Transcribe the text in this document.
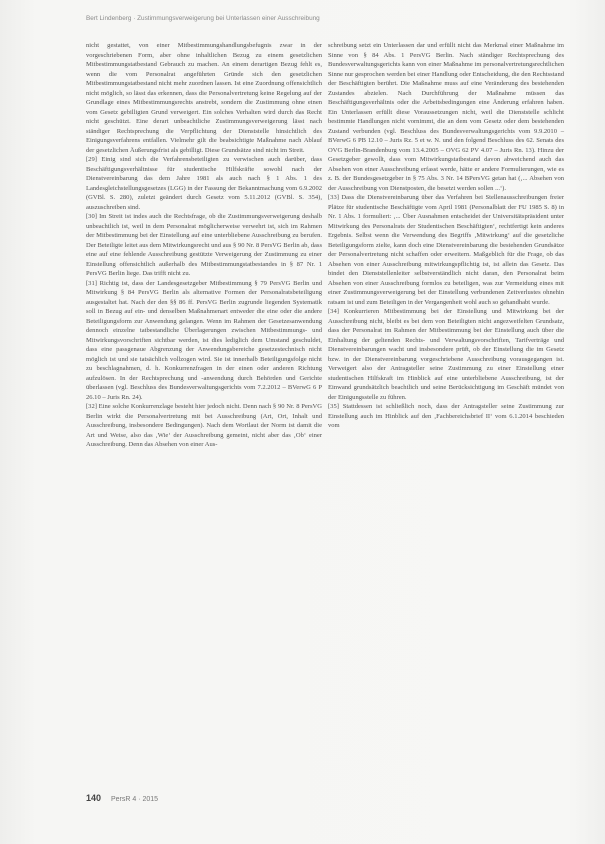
Bert Lindenberg · Zustimmungsverweigerung bei Unterlassen einer Ausschreibung

nicht gestattet, von einer Mitbestimmungshandlungsbefugnis zwar in der vorgeschriebenen Form, aber ohne inhaltlichen Bezug zu einem gesetzlichen Mitbestimmungstatbestand Gebrauch zu machen. An einem derartigen Bezug fehlt es, wenn die vom Personalrat angeführten Gründe sich den gesetzlichen Mitbestimmungstatbestand nicht mehr zuordnen lassen. Ist eine Zuordnung offensichtlich nicht möglich, so lässt das erkennen, dass die Personalvertretung keine Regelung auf der Grundlage eines Mitbestimmungsrechts anstrebt, sondern die Zustimmung ohne einen vom Gesetz gebilligten Grund verweigert. Ein solches Verhalten wird durch das Recht nicht geschützt. Eine derart unbeachtliche Zustimmungsverweigerung lässt nach ständiger Rechtsprechung die Verpflichtung der Dienststelle hinsichtlich des Einigungsverfahrens entfallen. Vielmehr gilt die beabsichtigte Maßnahme nach Ablauf der gesetzlichen Äußerungsfrist als gebilligt. Diese Grundsätze sind nicht im Streit.

[29] Einig sind sich die Verfahrensbeteiligten zu verwischen auch darüber, dass Beschäftigungsverhältnisse für studentische Hilfskräfte sowohl nach der Dienstvereinbarung das dem Jahre 1981 als auch nach § 1 Abs. 1 des Landesgleichstellungsgesetzes (LGG) in der Fassung der Bekanntmachung vom 6.9.2002 (GVBl. S. 280), zuletzt geändert durch Gesetz vom 5.11.2012 (GVBl. S. 354), auszuschreiben sind.

[30] Im Streit ist indes auch die Rechtsfrage, ob die Zustimmungsverweigerung deshalb unbeachtlich ist, weil in dem Personalrat möglicherweise verwehrt ist, sich im Rahmen der Mitbestimmung bei der Einstellung auf eine unterbliebene Ausschreibung zu berufen. Der Beteiligte leitet aus dem Mitwirkungsrecht und aus § 90 Nr. 8 PersVG Berlin ab, dass eine auf eine fehlende Ausschreibung gestützte Verweigerung der Zustimmung zu einer Einstellung offensichtlich außerhalb des Mitbestimmungstatbestandes in § 87 Nr. 1 PersVG Berlin liege. Das trifft nicht zu.

[31] Richtig ist, dass der Landesgesetzgeber Mitbestimmung § 79 PersVG Berlin und Mitwirkung § 84 PersVG Berlin als alternative Formen der Personalratsbeteiligung ausgestaltet hat. Nach der den §§ 86 ff. PersVG Berlin zugrunde liegenden Systematik soll in Bezug auf ein- und denselben Maßnahmenart entweder die eine oder die andere Beteiligungsform zur Anwendung gelangen. Wenn im Rahmen der Gesetzesanwendung dennoch einzelne tatbestandliche Überlagerungen zwischen Mitbestimmungs- und Mitwirkungsvorschriften sichtbar werden, ist dies lediglich dem Umstand geschuldet, dass eine passgenaue Abgrenzung der Anwendungsbereiche gesetzestechnisch nicht möglich ist und sie tatsächlich vollzogen wird. Sie ist innerhalb Beteiligungsfolge nicht zu beschlagnahmen, d. h. Konkurrenzfragen in der einen oder anderen Richtung aufzulösen. In der Rechtsprechung und -anwendung durch Behörden und Gerichte überlassen (vgl. Beschluss des Bundesverwaltungsgerichts vom 7.2.2012 – BVerwG 6 P 26.10 – Juris Rn. 24).

[32] Eine solche Konkurrenzlage besteht hier jedoch nicht. Denn nach § 90 Nr. 8 PersVG Berlin wirkt die Personalvertretung mit bei Ausschreibung (Art, Ort, Inhalt und Ausschreibung, insbesondere Bedingungen). Nach dem Wortlaut der Norm ist damit die Art und Weise, also das ‚Wie‘ der Ausschreibung gemeint, nicht aber das ‚Ob‘ einer Ausschreibung. Denn das Absehen von einer Aus-

schreibung setzt ein Unterlassen dar und erfüllt nicht das Merkmal einer Maßnahme im Sinne von § 84 Abs. 1 PersVG Berlin. Nach ständiger Rechtsprechung des Bundesverwaltungsgerichts kann von einer Maßnahme im personalvertretungsrechtlichen Sinne nur gesprochen werden bei einer Handlung oder Entscheidung, die den Rechtsstand der Beschäftigten berührt. Die Maßnahme muss auf eine Veränderung des bestehenden Zustandes abzielen. Nach Durchführung der Maßnahme müssen das Beschäftigungsverhältnis oder die Arbeitsbedingungen eine Änderung erfahren haben. Ein Unterlassen erfüllt diese Voraussetzungen nicht, weil die Dienststelle schlicht bestimmte Handlungen nicht vornimmt, die an dem vom Gesetz oder dem bestehenden Zustand verbunden (vgl. Beschluss des Bundesverwaltungsgerichts vom 9.9.2010 – BVerwG 6 PB 12.10 – Juris Rz. 5 et w. N. und den folgend Beschluss des 62. Senats des OVG Berlin-Brandenburg vom 13.4.2005 – OVG 62 PV 4.07 – Juris Rn. 13). Hinzu der Gesetzgeber gewollt, dass vom Mitwirkungstatbestand davon abweichend auch das Absehen von einer Ausschreibung erfasst werde, hätte er andere Formulierungen, wie es z. B. der Bundesgesetzgeber in § 75 Abs. 3 Nr. 14 BPersVG getan hat (‚... Absehen von der Ausschreibung von Dienstposten, die besetzt werden sollen ...‘).

[33] Dass die Dienstvereinbarung über das Verfahren bei Stellenausschreibungen freier Plätze für studentische Beschäftigte vom April 1981 (Personalblatt der FU 1985 S. 8) in Nr. 1 Abs. 1 formuliert: ‚... Über Ausnahmen entscheidet der Universitätspräsident unter Mitwirkung des Personalrats der Studentischen Beschäftigten‘, rechtfertigt kein anderes Ergebnis. Selbst wenn die Verwendung des Begriffs ‚Mitwirkung‘ auf die gesetzliche Beteiligungsform zielte, kann doch eine Dienstvereinbarung die bestehenden Grundsätze der Personalvertretung nicht schaffen oder erweitern. Maßgeblich für die Frage, ob das Absehen von einer Ausschreibung mitwirkungspflichtig ist, ist allein das Gesetz. Das bindet den Dienststellenleiter selbstverständlich nicht daran, den Personalrat beim Absehen von einer Ausschreibung formlos zu beteiligen, was zur Vermeidung eines mit einer Zustimmungsverweigerung bei der Einstellung verbundenen Zeitverlustes ohnehin ratsam ist und zum Beteiligen in der Vergangenheit wohl auch so gehandhabt wurde.

[34] Konkurrieren Mitbestimmung bei der Einstellung und Mitwirkung bei der Ausschreibung nicht, bleibt es bei dem von Beteiligten nicht angezweifelten Grundsatz, dass der Personalrat im Rahmen der Mitbestimmung bei der Einstellung auch über die Einhaltung der geltenden Rechts- und Verwaltungsvorschriften, Tarifverträge und Dienstvereinbarungen wacht und insbesondere prüft, ob der Einstellung die im Gesetz bzw. in der Dienstvereinbarung vorgeschriebene Ausschreibung vorausgegangen ist. Verweigert also der Antragsteller seine Zustimmung zu einer Einstellung einer studentischen Hilfskraft im Hinblick auf eine unterbliebene Ausschreibung, ist der Einwand grundsätzlich beachtlich und seine Berücksichtigung im Geschäft mündet von der Einigungsstelle zu führen.

[35] Stattdessen ist schließlich noch, dass der Antragsteller seine Zustimmung zur Einstellung auch im Hinblick auf den ‚Fachbereichsbrief II‘ vom 6.1.2014 beschieden vom

140 PersR 4 · 2015
